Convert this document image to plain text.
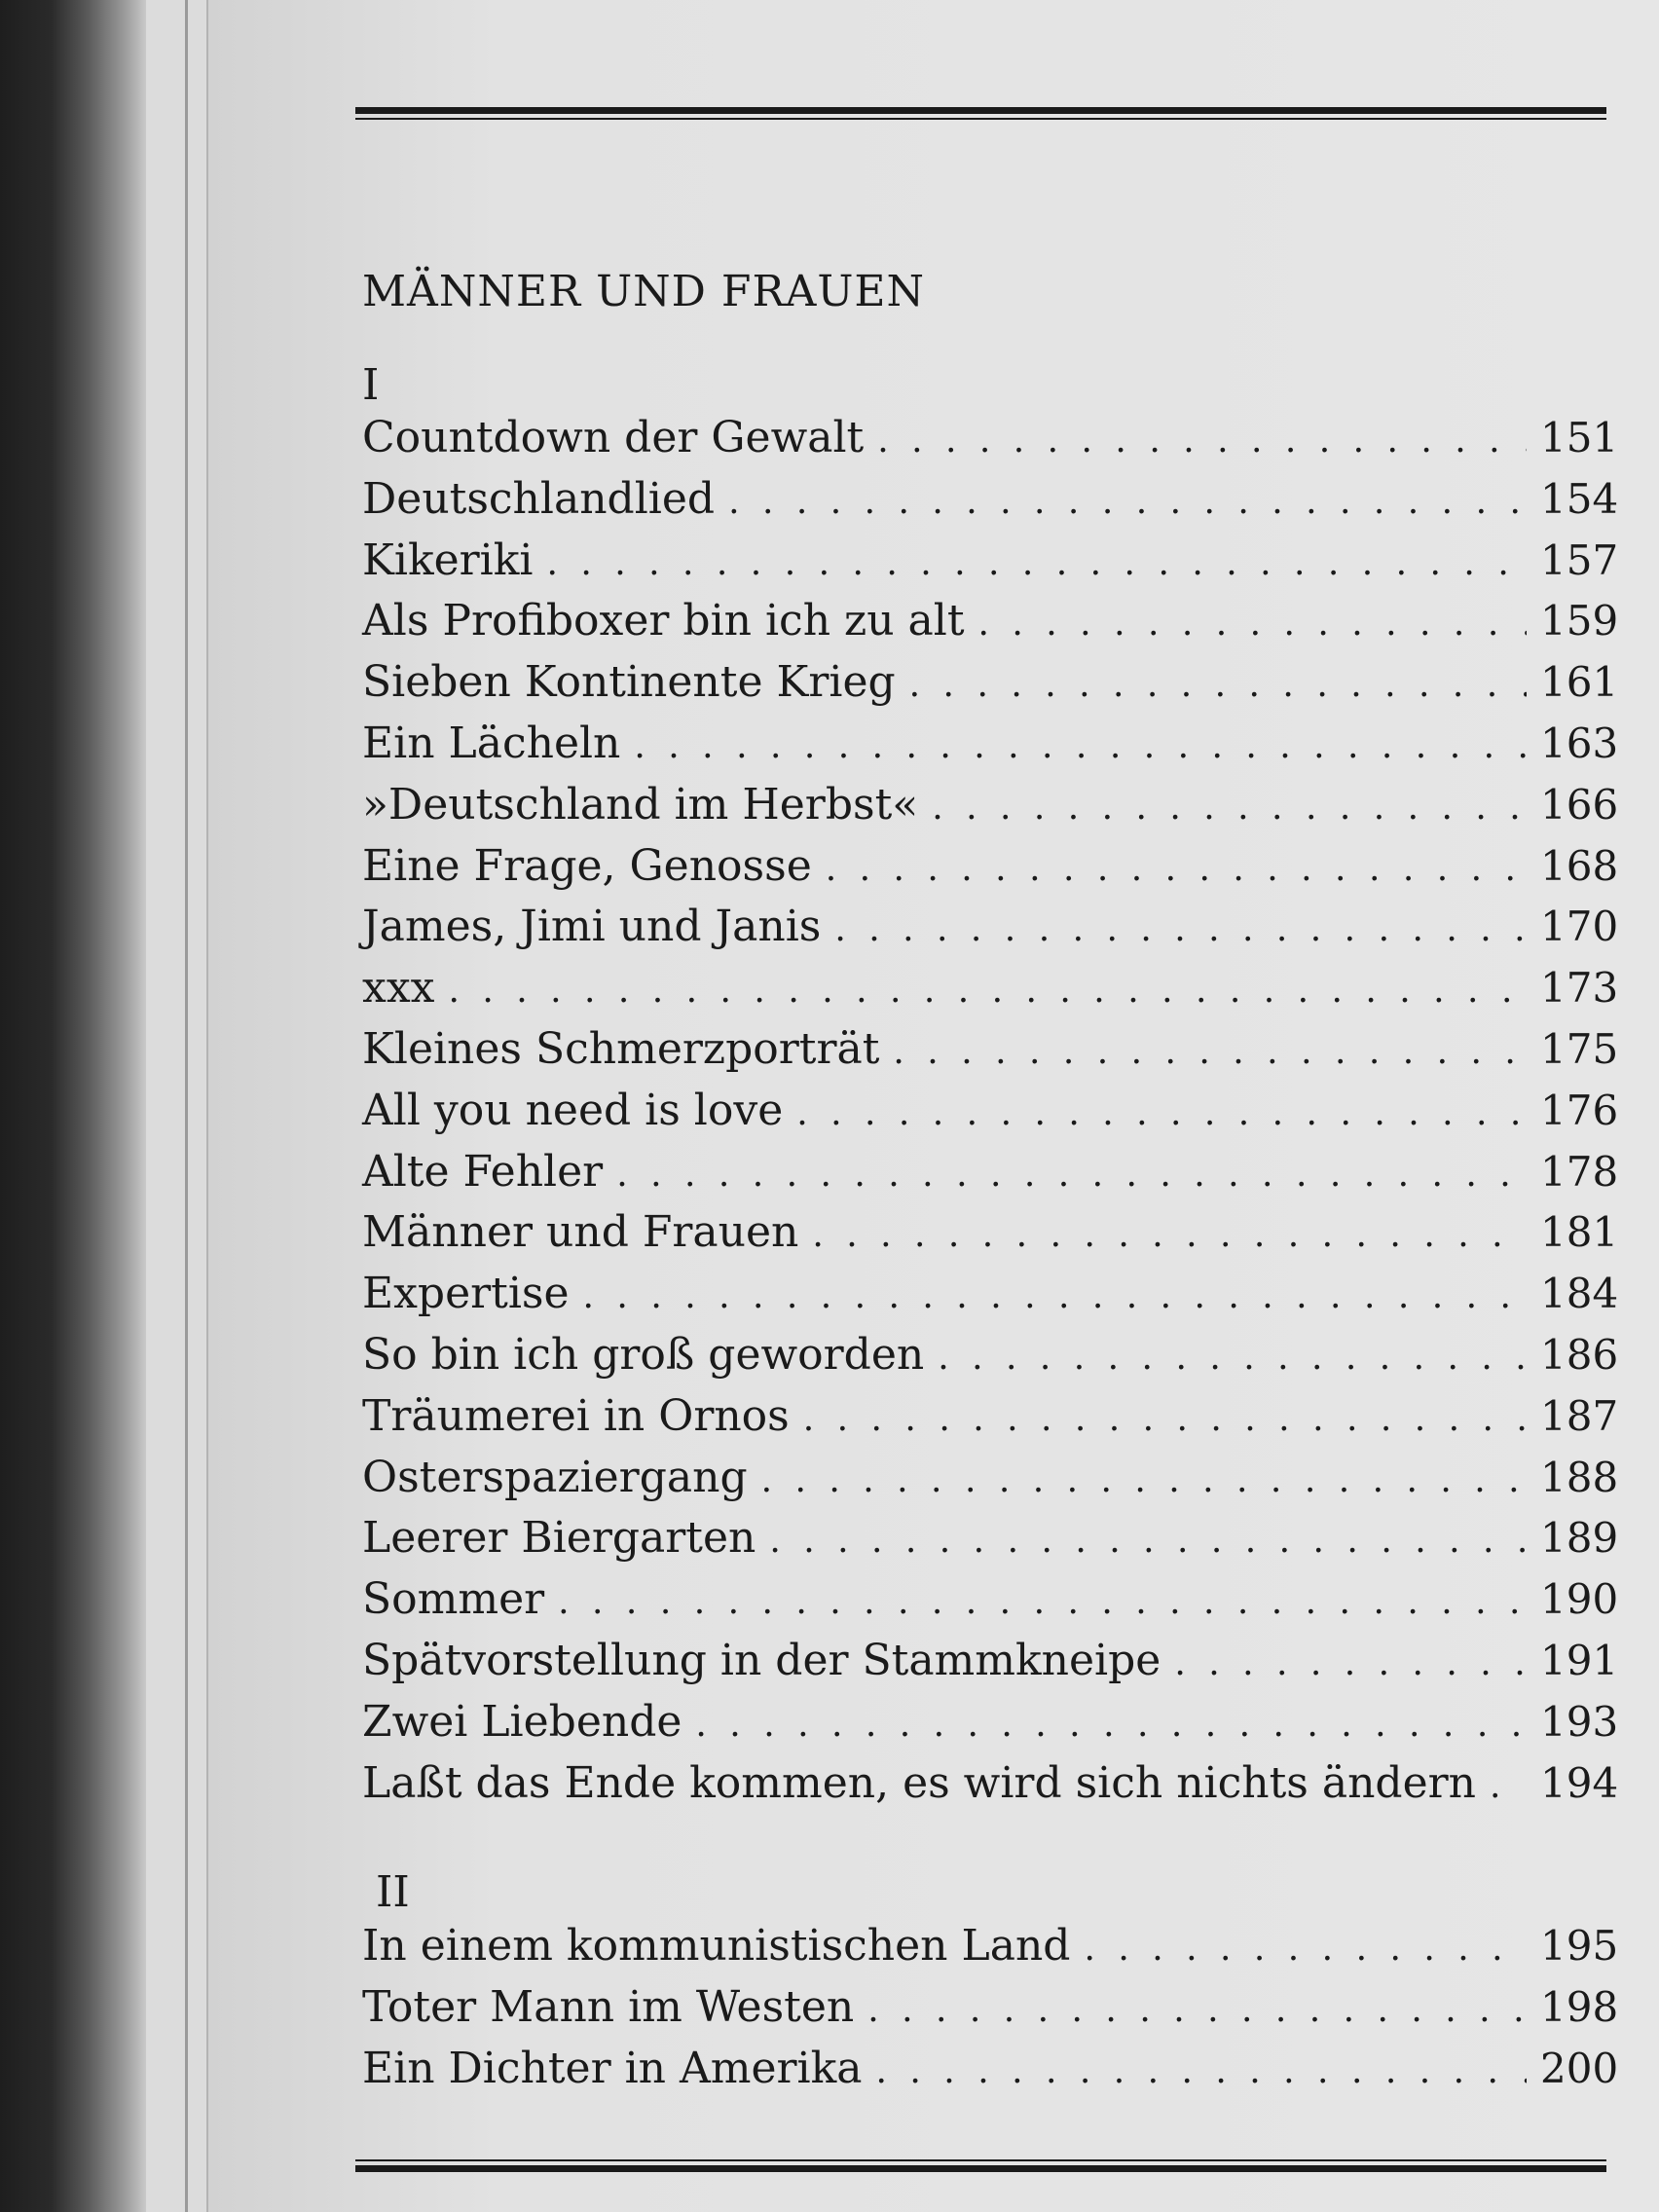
MÄNNER UND FRAUEN
I
Countdown der Gewalt . . .	151
Deutschlandlied . . .	154
Kikeriki . . .	157
Als Profiboxer bin ich zu alt . . .	159
Sieben Kontinente Krieg . . .	161
Ein Lächeln . . .	163
»Deutschland im Herbst« . . .	166
Eine Frage, Genosse . . .	168
James, Jimi und Janis . . .	170
xxx . . .	173
Kleines Schmerzporträt . . .	175
All you need is love . . .	176
Alte Fehler . . .	178
Männer und Frauen . . .	181
Expertise . . .	184
So bin ich groß geworden . . .	186
Träumerei in Ornos . . .	187
Osterspaziergang . . .	188
Leerer Biergarten . . .	189
Sommer . . .	190
Spätvorstellung in der Stammkneipe . . .	191
Zwei Liebende . . .	193
Laßt das Ende kommen, es wird sich nichts ändern . . . 194
II
In einem kommunistischen Land . . .	195
Toter Mann im Westen . . .	198
Ein Dichter in Amerika . . .	200
